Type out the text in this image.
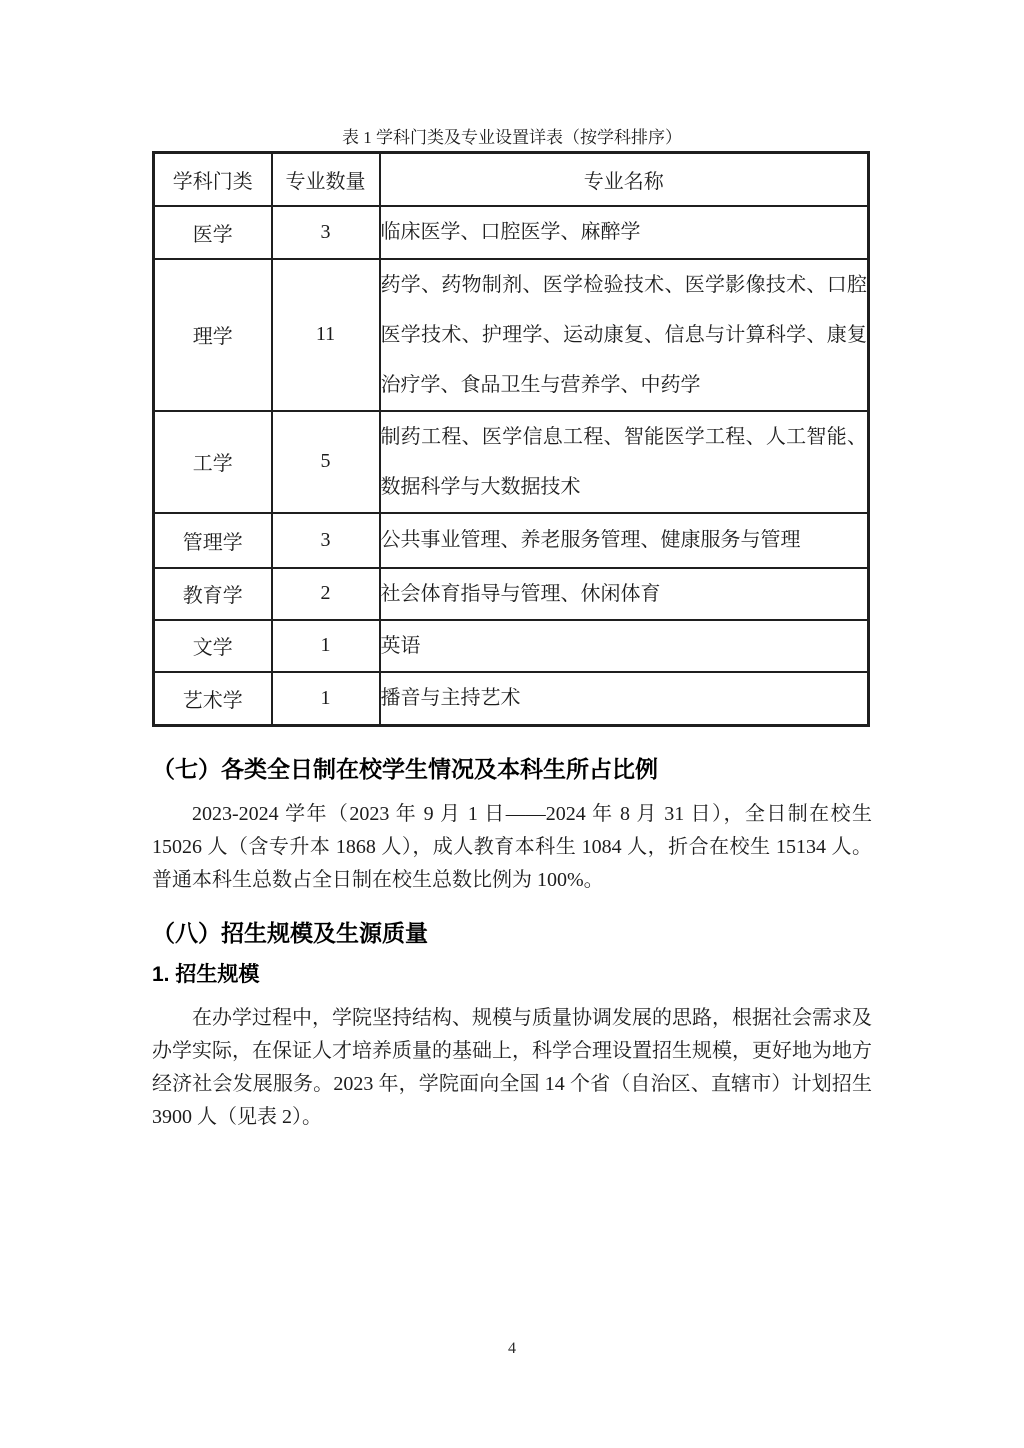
表 1 学科门类及专业设置详表（按学科排序）
学科门类	专业数量	专业名称
医学	3	临床医学、口腔医学、麻醉学
理学	11	药学、药物制剂、医学检验技术、医学影像技术、口腔医学技术、护理学、运动康复、信息与计算科学、康复治疗学、食品卫生与营养学、中药学
工学	5	制药工程、医学信息工程、智能医学工程、人工智能、数据科学与大数据技术
管理学	3	公共事业管理、养老服务管理、健康服务与管理
教育学	2	社会体育指导与管理、休闲体育
文学	1	英语
艺术学	1	播音与主持艺术
（七）各类全日制在校学生情况及本科生所占比例

2023-2024 学年（2023 年 9 月 1 日——2024 年 8 月 31 日），全日制在校生 15026 人（含专升本 1868 人），成人教育本科生 1084 人，折合在校生 15134 人。普通本科生总数占全日制在校生总数比例为 100%。

（八）招生规模及生源质量
1. 招生规模

在办学过程中，学院坚持结构、规模与质量协调发展的思路，根据社会需求及办学实际，在保证人才培养质量的基础上，科学合理设置招生规模，更好地为地方经济社会发展服务。2023 年，学院面向全国 14 个省（自治区、直辖市）计划招生 3900 人（见表 2）。

4
